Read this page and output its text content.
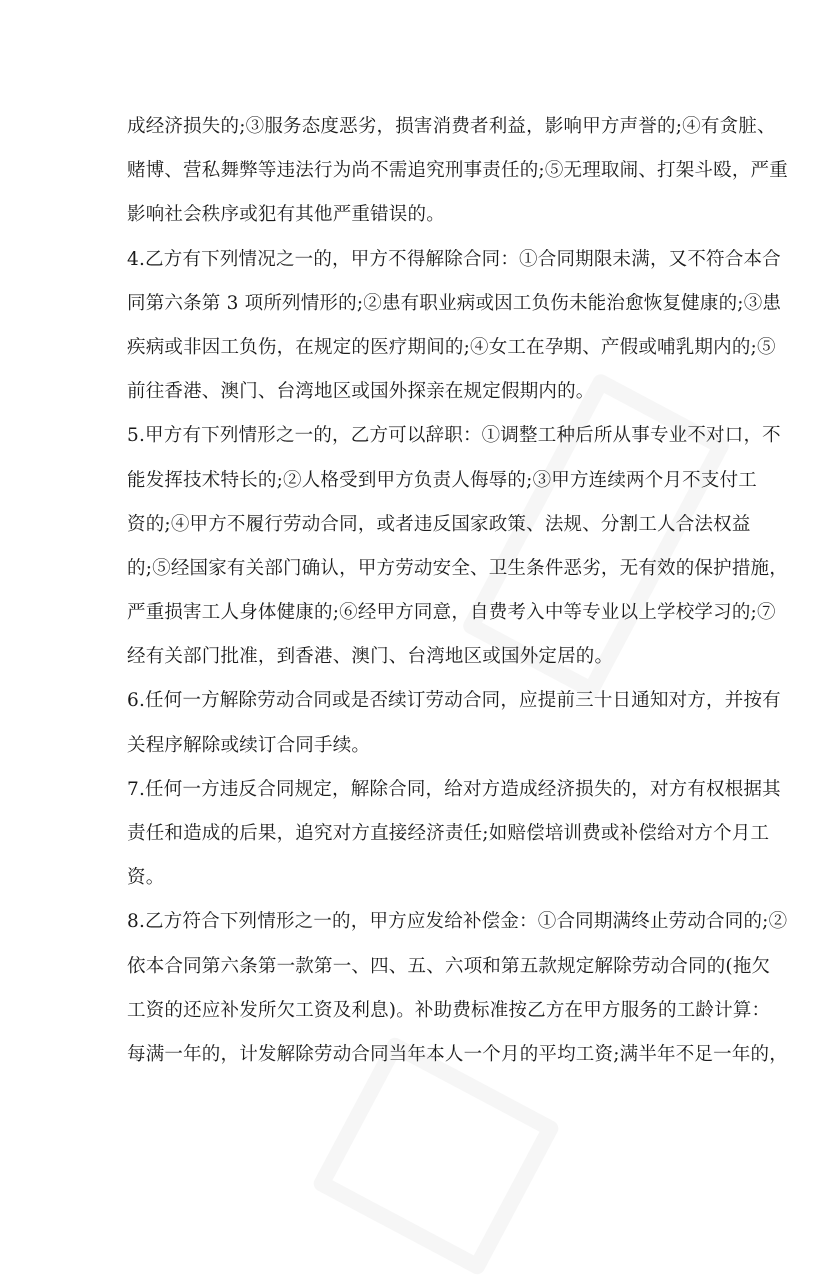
成经济损失的;③服务态度恶劣，损害消费者利益，影响甲方声誉的;④有贪脏、
赌博、营私舞弊等违法行为尚不需追究刑事责任的;⑤无理取闹、打架斗殴，严重
影响社会秩序或犯有其他严重错误的。
4.乙方有下列情况之一的，甲方不得解除合同：①合同期限未满，又不符合本合
同第六条第 3 项所列情形的;②患有职业病或因工负伤未能治愈恢复健康的;③患
疾病或非因工负伤，在规定的医疗期间的;④女工在孕期、产假或哺乳期内的;⑤
前往香港、澳门、台湾地区或国外探亲在规定假期内的。
5.甲方有下列情形之一的，乙方可以辞职：①调整工种后所从事专业不对口，不
能发挥技术特长的;②人格受到甲方负责人侮辱的;③甲方连续两个月不支付工
资的;④甲方不履行劳动合同，或者违反国家政策、法规、分割工人合法权益
的;⑤经国家有关部门确认，甲方劳动安全、卫生条件恶劣，无有效的保护措施，
严重损害工人身体健康的;⑥经甲方同意，自费考入中等专业以上学校学习的;⑦
经有关部门批准，到香港、澳门、台湾地区或国外定居的。
6.任何一方解除劳动合同或是否续订劳动合同，应提前三十日通知对方，并按有
关程序解除或续订合同手续。
7.任何一方违反合同规定，解除合同，给对方造成经济损失的，对方有权根据其
责任和造成的后果，追究对方直接经济责任;如赔偿培训费或补偿给对方个月工
资。
8.乙方符合下列情形之一的，甲方应发给补偿金：①合同期满终止劳动合同的;②
依本合同第六条第一款第一、四、五、六项和第五款规定解除劳动合同的(拖欠
工资的还应补发所欠工资及利息)。补助费标准按乙方在甲方服务的工龄计算：
每满一年的，计发解除劳动合同当年本人一个月的平均工资;满半年不足一年的，
